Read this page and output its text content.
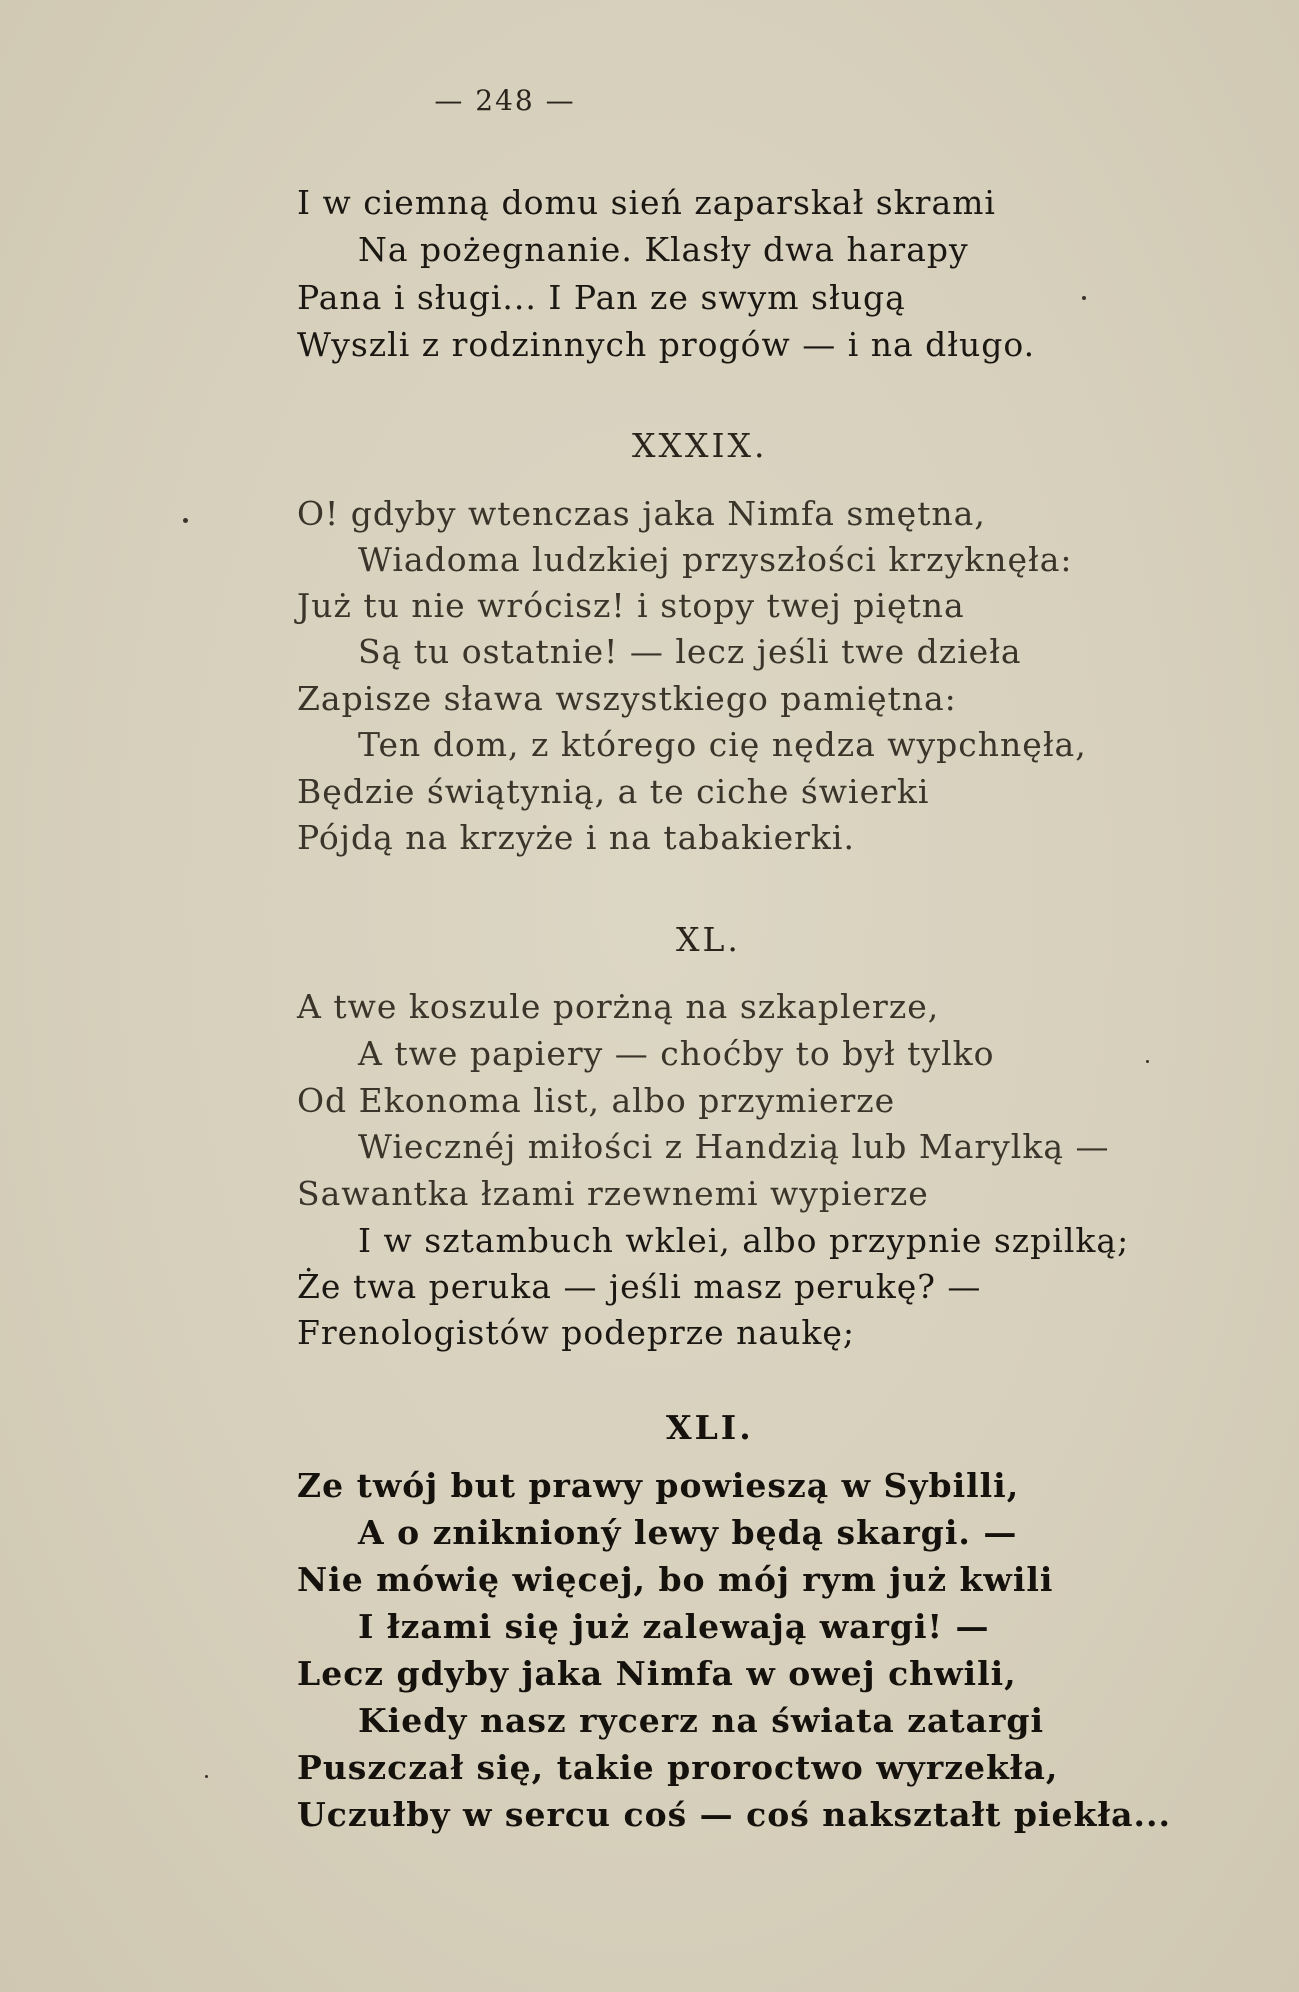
— 248 —
I w ciemną domu sień zaparskał skrami
Na pożegnanie. Klasły dwa harapy
Pana i sługi... I Pan ze swym sługą
Wyszli z rodzinnych progów — i na długo.
XXXIX.
O! gdyby wtenczas jaka Nimfa smętna,
Wiadoma ludzkiej przyszłości krzyknęła:
Już tu nie wrócisz! i stopy twej piętna
Są tu ostatnie! — lecz jeśli twe dzieła
Zapisze sława wszystkiego pamiętna:
Ten dom, z którego cię nędza wypchnęła,
Będzie świątynią, a te ciche świerki
Pójdą na krzyże i na tabakierki.
XL.
A twe koszule porżną na szkaplerze,
A twe papiery — choćby to był tylko
Od Ekonoma list, albo przymierze
Wiecznéj miłości z Handzią lub Marylką —
Sawantka łzami rzewnemi wypierze
I w sztambuch wklei, albo przypnie szpilką;
Że twa peruka — jeśli masz perukę? —
Frenologistów podeprze naukę;
XLI.
Ze twój but prawy powieszą w Sybilli,
A o zniknioný lewy będą skargi. —
Nie mówię więcej, bo mój rym już kwili
I łzami się już zalewają wargi! —
Lecz gdyby jaka Nimfa w owej chwili,
Kiedy nasz rycerz na świata zatargi
Puszczał się, takie proroctwo wyrzekła,
Uczułby w sercu coś — coś nakształt piekła...
